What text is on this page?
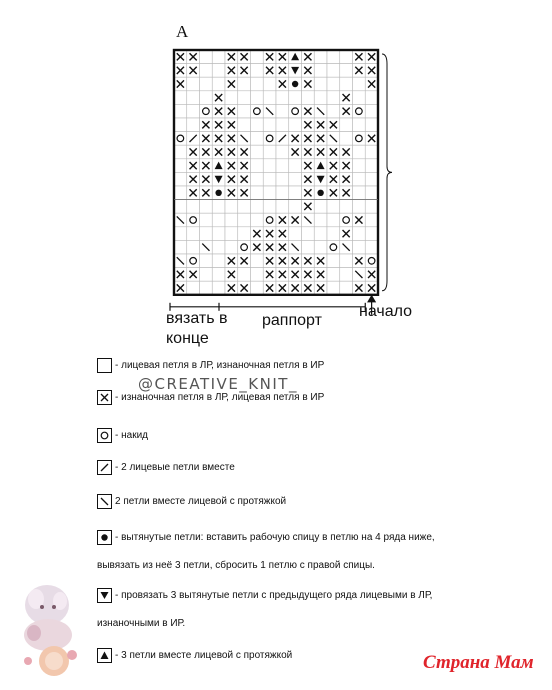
A
вязать в
конце
раппорт
начало
@CREATIVE_KNIT_
- лицевая петля в ЛР, изнаночная петля в ИР
- изнаночная петля в ЛР, лицевая петля в ИР
- накид
- 2 лицевые петли вместе
2 петли вместе лицевой с протяжкой
- вытянутые петли: вставить рабочую спицу в петлю на 4 ряда ниже,
вывязать из неё 3 петли, сбросить 1 петлю с правой спицы.
- провязать 3 вытянутые петли с предыдущего ряда лицевыми в ЛР,
изнаночными в ИР.
- 3 петли вместе лицевой с протяжкой	Страна Мам
